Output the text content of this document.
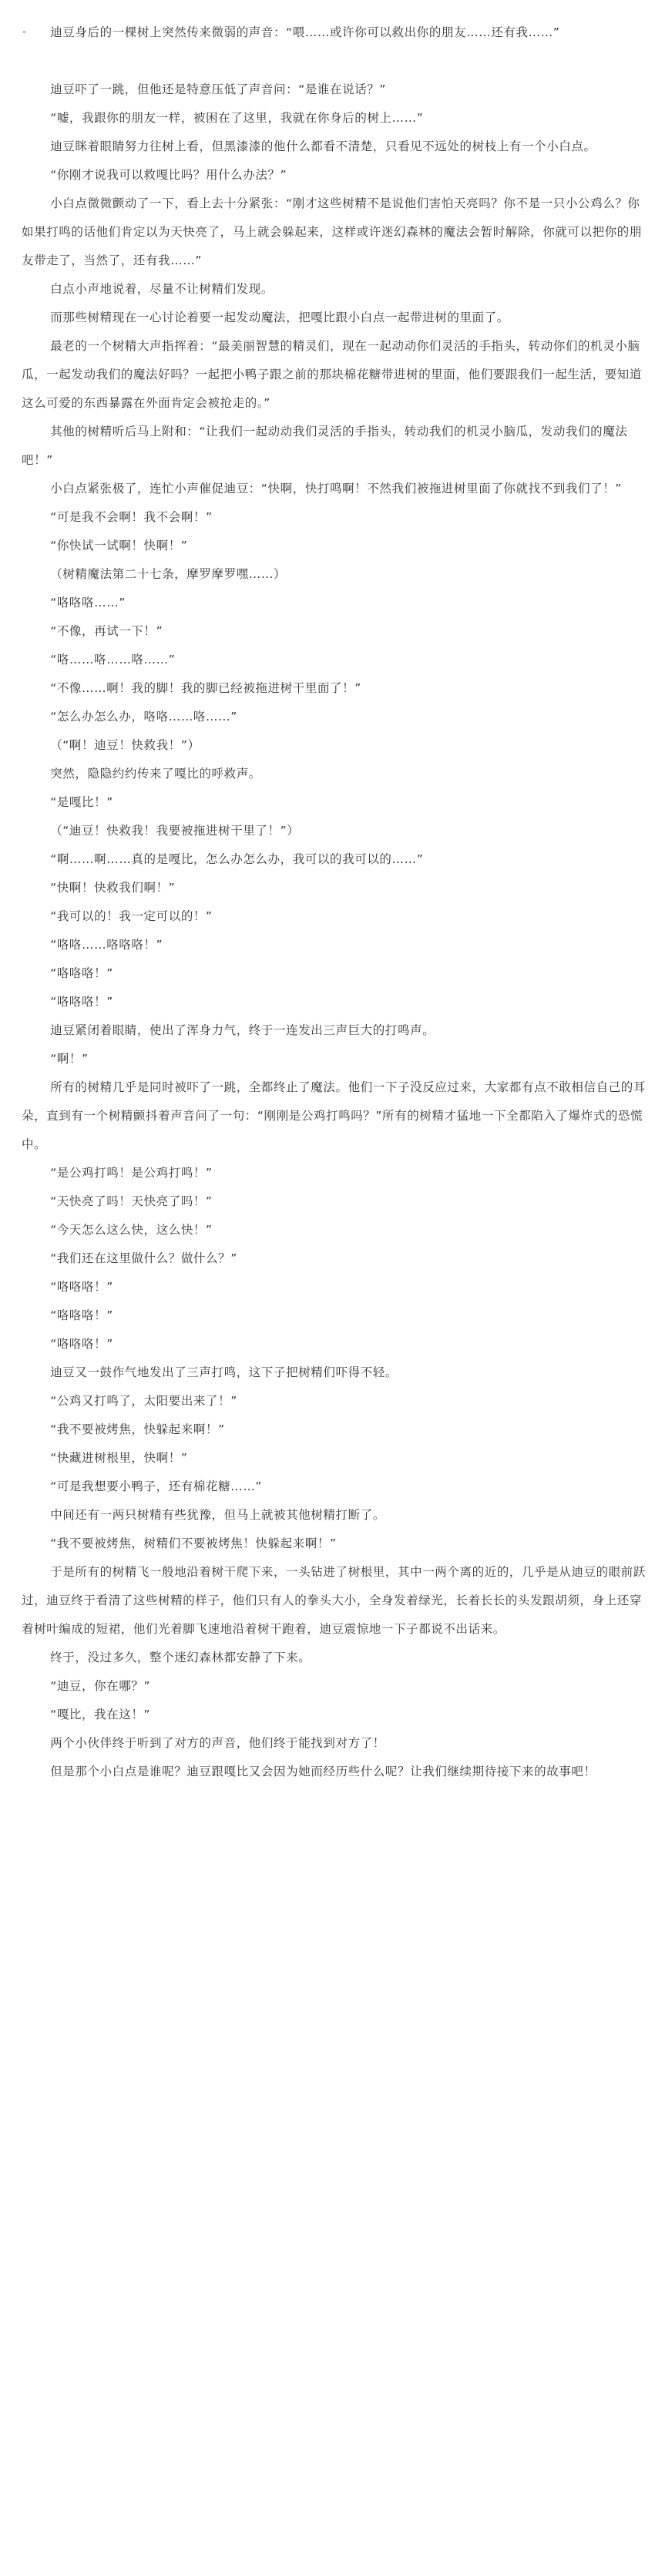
迪豆身后的一棵树上突然传来微弱的声音：“喂……或许你可以救出你的朋友……还有我……”

迪豆吓了一跳，但他还是特意压低了声音问：“是谁在说话？”

“嘘，我跟你的朋友一样，被困在了这里，我就在你身后的树上……”

迪豆眯着眼睛努力往树上看，但黑漆漆的他什么都看不清楚，只看见不远处的树枝上有一个小白点。

“你刚才说我可以救嘎比吗？用什么办法？”

小白点微微颤动了一下，看上去十分紧张：“刚才这些树精不是说他们害怕天亮吗？你不是一只小公鸡么？你如果打鸣的话他们肯定以为天快亮了，马上就会躲起来，这样或许迷幻森林的魔法会暂时解除，你就可以把你的朋友带走了，当然了，还有我……”

白点小声地说着，尽量不让树精们发现。

而那些树精现在一心讨论着要一起发动魔法，把嘎比跟小白点一起带进树的里面了。

最老的一个树精大声指挥着：“最美丽智慧的精灵们，现在一起动动你们灵活的手指头，转动你们的机灵小脑瓜，一起发动我们的魔法好吗？一起把小鸭子跟之前的那块棉花糖带进树的里面，他们要跟我们一起生活，要知道这么可爱的东西暴露在外面肯定会被抢走的。”

其他的树精听后马上附和：“让我们一起动动我们灵活的手指头，转动我们的机灵小脑瓜，发动我们的魔法吧！”

小白点紧张极了，连忙小声催促迪豆：“快啊，快打鸣啊！不然我们被拖进树里面了你就找不到我们了！”

“可是我不会啊！我不会啊！”

“你快试一试啊！快啊！”

（树精魔法第二十七条，摩罗摩罗嘿……）

“咯咯咯……”

“不像，再试一下！”

“咯……咯……咯……”

“不像……啊！我的脚！我的脚已经被拖进树干里面了！”

“怎么办怎么办，咯咯……咯……”

（“啊！迪豆！快救我！”）

突然，隐隐约约传来了嘎比的呼救声。

“是嘎比！”

（“迪豆！快救我！我要被拖进树干里了！”）

“啊……啊……真的是嘎比，怎么办怎么办，我可以的我可以的……”

“快啊！快救我们啊！”

“我可以的！我一定可以的！”

“咯咯……咯咯咯！”

“咯咯咯！”

“咯咯咯！”

迪豆紧闭着眼睛，使出了浑身力气，终于一连发出三声巨大的打鸣声。

“啊！”

所有的树精几乎是同时被吓了一跳，全都终止了魔法。他们一下子没反应过来，大家都有点不敢相信自己的耳朵，直到有一个树精颤抖着声音问了一句：“刚刚是公鸡打鸣吗？”所有的树精才猛地一下全都陷入了爆炸式的恐慌中。

“是公鸡打鸣！是公鸡打鸣！”

“天快亮了吗！天快亮了吗！”

“今天怎么这么快，这么快！”

“我们还在这里做什么？做什么？”

“咯咯咯！”

“咯咯咯！”

“咯咯咯！”

迪豆又一鼓作气地发出了三声打鸣，这下子把树精们吓得不轻。

“公鸡又打鸣了，太阳要出来了！”

“我不要被烤焦，快躲起来啊！”

“快藏进树根里，快啊！”

“可是我想要小鸭子，还有棉花糖……”

中间还有一两只树精有些犹豫，但马上就被其他树精打断了。

“我不要被烤焦，树精们不要被烤焦！快躲起来啊！”

于是所有的树精飞一般地沿着树干爬下来，一头钻进了树根里，其中一两个离的近的，几乎是从迪豆的眼前跃过，迪豆终于看清了这些树精的样子，他们只有人的拳头大小，全身发着绿光，长着长长的头发跟胡须，身上还穿着树叶编成的短裙，他们光着脚飞速地沿着树干跑着，迪豆震惊地一下子都说不出话来。

终于，没过多久，整个迷幻森林都安静了下来。

“迪豆，你在哪？”

“嘎比，我在这！”

两个小伙伴终于听到了对方的声音，他们终于能找到对方了！

但是那个小白点是谁呢？迪豆跟嘎比又会因为她而经历些什么呢？让我们继续期待接下来的故事吧！
